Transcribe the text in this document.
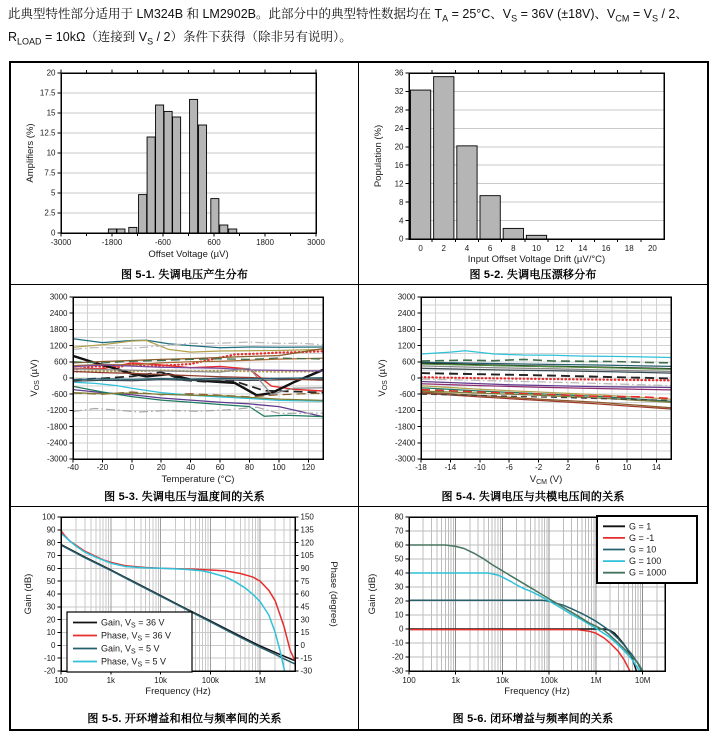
此典型特性部分适用于 LM324B 和 LM2902B。此部分中的典型特性数据均在 $T_A = 25^\circ C$、$V_S = 36V$ (±18V)、$V_{CM} = V_S / 2$、
$R_{LOAD} = 10k\Omega$（连接到 $V_S / 2$）条件下获得（除非另有说明）。
-3000	-1800	-600	600	1800	3000
0
2.5
5
7.5
10
12.5
15
17.5
20
Offset Voltage (µV)
Amplifiers (%)
图 5-1. 失调电压产生分布
0 2 4 6 8 10 12 14 16 18 20
0
4
8
12
16
20
24
28
32
36
Input Offset Voltage Drift (µV/°C)
Population (%)
图 5-2. 失调电压漂移分布
-40 -20	0	20	40	60	80 100 120
-3000
-2400
-1800
-1200
-600
0
600
1200
1800
2400
3000
Temperature (°C)
$V_{OS}$ (µV)
图 5-3. 失调电压与温度间的关系
-18 -14 -10	-6	-2	2	6	10	14
-3000
-2400
-1800
-1200
-600
0
600
1200
1800
2400
3000
$V_{CM}$ (V)
$V_{OS}$ (µV)
图 5-4. 失调电压与共模电压间的关系
100	1k	10k	100k	1M
-20
-10
0
10
20
30
40
50
60
70
80
90
100
-30
-15
0
15
30
45
60
75
90
105
120
135
150
Frequency (Hz)
Gain (dB)	Phase (degree)
Gain, $V_S = 36$ V
Phase, $V_S = 36$ V
Gain, $V_S = 5$ V
Phase, $V_S = 5$ V
图 5-5. 开环增益和相位与频率间的关系
100	1k	10k	100k	1M	10M
-30
-20
-10
0
10
20
30
40
50
60
70
80
Frequency (Hz)
Gain (dB)
G = 1
G = -1
G = 10
G = 100
G = 1000
图 5-6. 闭环增益与频率间的关系
